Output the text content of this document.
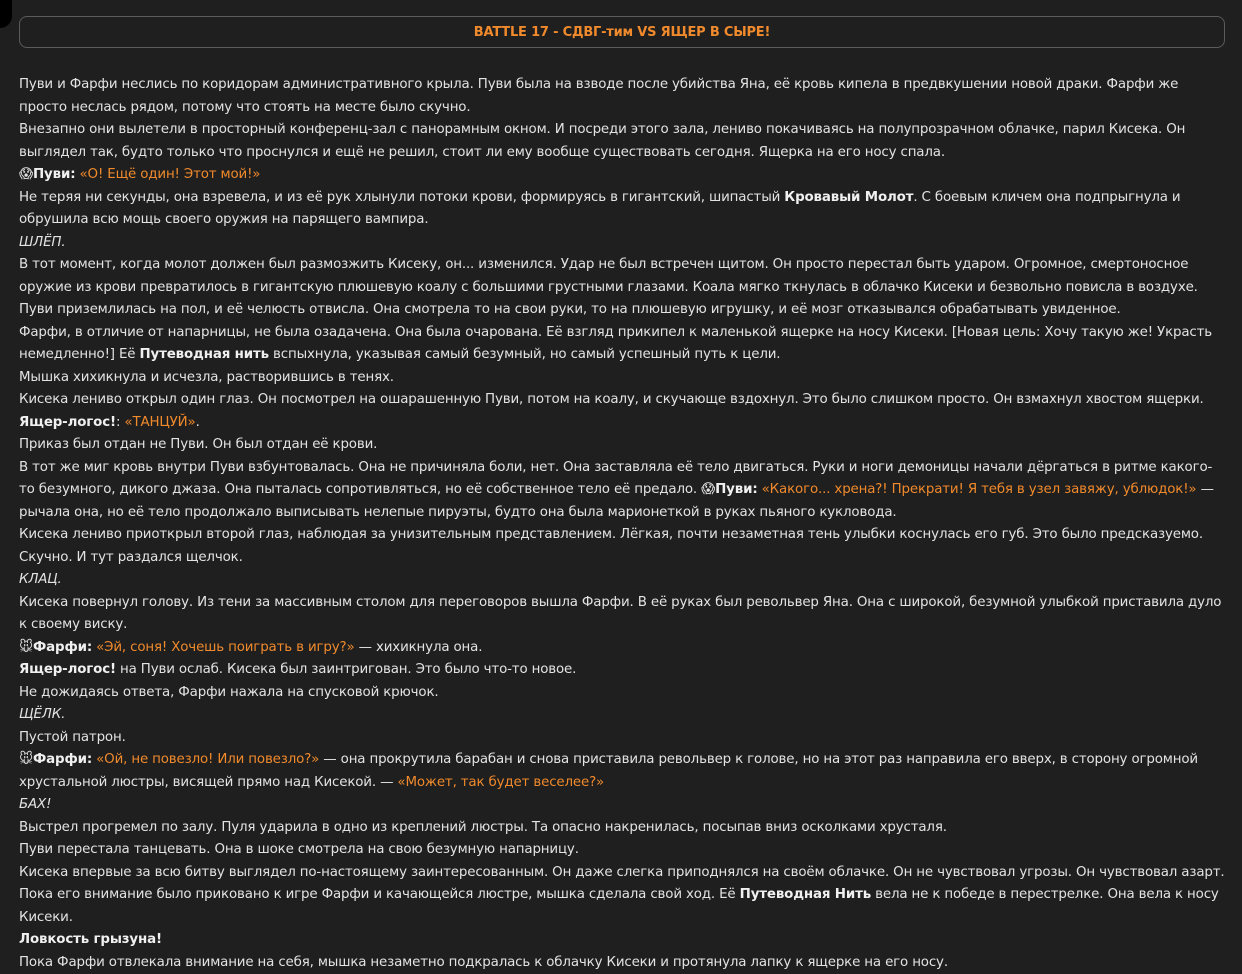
BATTLE 17 - СДВГ-тим VS ЯЩЕР В СЫРЕ!

Пуви и Фарфи неслись по коридорам административного крыла. Пуви была на взводе после убийства Яна, её кровь кипела в предвкушении новой драки. Фарфи же просто неслась рядом, потому что стоять на месте было скучно.

Внезапно они вылетели в просторный конференц-зал с панорамным окном. И посреди этого зала, лениво покачиваясь на полупрозрачном облачке, парил Кисека. Он выглядел так, будто только что проснулся и ещё не решил, стоит ли ему вообще существовать сегодня. Ящерка на его носу спала.

😱Пуви: «О! Ещё один! Этот мой!»

Не теряя ни секунды, она взревела, и из её рук хлынули потоки крови, формируясь в гигантский, шипастый Кровавый Молот. С боевым кличем она подпрыгнула и обрушила всю мощь своего оружия на парящего вампира.

ШЛЁП.

В тот момент, когда молот должен был размозжить Кисеку, он... изменился. Удар не был встречен щитом. Он просто перестал быть ударом. Огромное, смертоносное оружие из крови превратилось в гигантскую плюшевую коалу с большими грустными глазами. Коала мягко ткнулась в облачко Кисеки и безвольно повисла в воздухе.

Пуви приземлилась на пол, и её челюсть отвисла. Она смотрела то на свои руки, то на плюшевую игрушку, и её мозг отказывался обрабатывать увиденное.

Фарфи, в отличие от напарницы, не была озадачена. Она была очарована. Её взгляд прикипел к маленькой ящерке на носу Кисеки. [Новая цель: Хочу такую же! Украсть немедленно!] Её Путеводная нить вспыхнула, указывая самый безумный, но самый успешный путь к цели.

Мышка хихикнула и исчезла, растворившись в тенях.

Кисека лениво открыл один глаз. Он посмотрел на ошарашенную Пуви, потом на коалу, и скучающе вздохнул. Это было слишком просто. Он взмахнул хвостом ящерки.

Ящер-логос!: «ТАНЦУЙ».

Приказ был отдан не Пуви. Он был отдан её крови.

В тот же миг кровь внутри Пуви взбунтовалась. Она не причиняла боли, нет. Она заставляла её тело двигаться. Руки и ноги демоницы начали дёргаться в ритме какого-то безумного, дикого джаза. Она пыталась сопротивляться, но её собственное тело её предало. 😱Пуви: «Какого... хрена?! Прекрати! Я тебя в узел завяжу, ублюдок!» — рычала она, но её тело продолжало выписывать нелепые пируэты, будто она была марионеткой в руках пьяного кукловода.

Кисека лениво приоткрыл второй глаз, наблюдая за унизительным представлением. Лёгкая, почти незаметная тень улыбки коснулась его губ. Это было предсказуемо. Скучно. И тут раздался щелчок.

КЛАЦ.

Кисека повернул голову. Из тени за массивным столом для переговоров вышла Фарфи. В её руках был револьвер Яна. Она с широкой, безумной улыбкой приставила дуло к своему виску.

🐭Фарфи: «Эй, соня! Хочешь поиграть в игру?» — хихикнула она.

Ящер-логос! на Пуви ослаб. Кисека был заинтригован. Это было что-то новое.

Не дожидаясь ответа, Фарфи нажала на спусковой крючок.

ЩЁЛК.

Пустой патрон.

🐭Фарфи: «Ой, не повезло! Или повезло?» — она прокрутила барабан и снова приставила револьвер к голове, но на этот раз направила его вверх, в сторону огромной хрустальной люстры, висящей прямо над Кисекой. — «Может, так будет веселее?»

БАХ!

Выстрел прогремел по залу. Пуля ударила в одно из креплений люстры. Та опасно накренилась, посыпав вниз осколками хрусталя.

Пуви перестала танцевать. Она в шоке смотрела на свою безумную напарницу.

Кисека впервые за всю битву выглядел по-настоящему заинтересованным. Он даже слегка приподнялся на своём облачке. Он не чувствовал угрозы. Он чувствовал азарт.

Пока его внимание было приковано к игре Фарфи и качающейся люстре, мышка сделала свой ход. Её Путеводная Нить вела не к победе в перестрелке. Она вела к носу Кисеки.

Ловкость грызуна!

Пока Фарфи отвлекала внимание на себя, мышка незаметно подкралась к облачку Кисеки и протянула лапку к ящерке на его носу.
